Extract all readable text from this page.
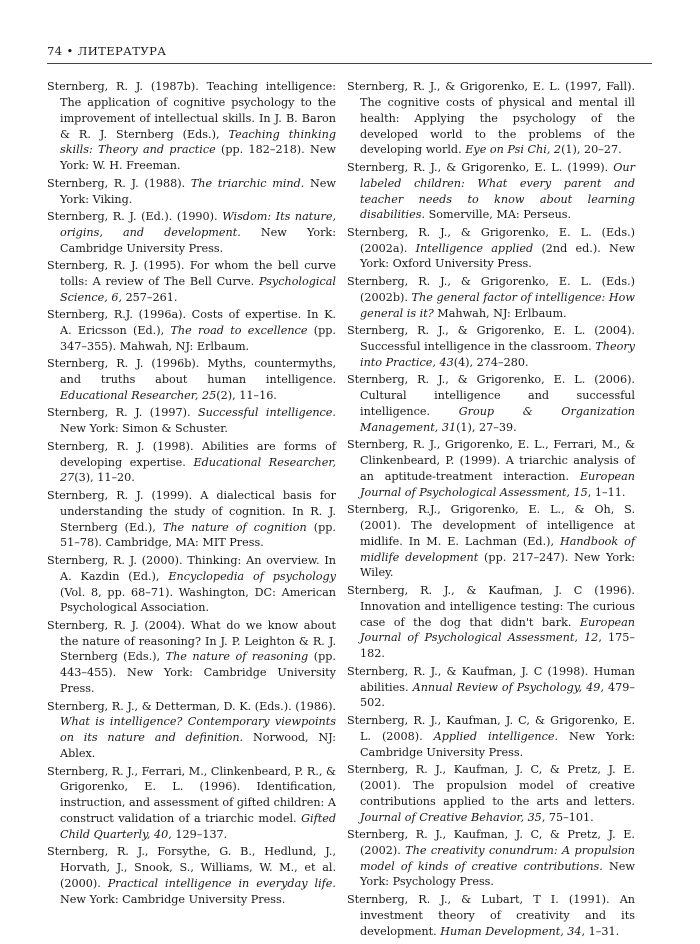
74 • ЛИТЕРАТУРА

Sternberg, R. J. (1987b). Teaching intelligence: The application of cognitive psychology to the improvement of intellectual skills. In J. B. Baron & R. J. Sternberg (Eds.), Teaching thinking skills: Theory and practice (pp. 182–218). New York: W. H. Freeman.

Sternberg, R. J. (1988). The triarchic mind. New York: Viking.

Sternberg, R. J. (Ed.). (1990). Wisdom: Its nature, origins, and development. New York: Cambridge University Press.

Sternberg, R. J. (1995). For whom the bell curve tolls: A review of The Bell Curve. Psychological Science, 6, 257–261.

Sternberg, R.J. (1996a). Costs of expertise. In K. A. Ericsson (Ed.), The road to excellence (pp. 347–355). Mahwah, NJ: Erlbaum.

Sternberg, R. J. (1996b). Myths, countermyths, and truths about human intelligence. Educational Researcher, 25(2), 11–16.

Sternberg, R. J. (1997). Successful intelligence. New York: Simon & Schuster.

Sternberg, R. J. (1998). Abilities are forms of developing expertise. Educational Researcher, 27(3), 11–20.

Sternberg, R. J. (1999). A dialectical basis for understanding the study of cognition. In R. J. Sternberg (Ed.), The nature of cognition (pp. 51–78). Cambridge, MA: MIT Press.

Sternberg, R. J. (2000). Thinking: An overview. In A. Kazdin (Ed.), Encyclopedia of psychology (Vol. 8, pp. 68–71). Washington, DC: American Psychological Association.

Sternberg, R. J. (2004). What do we know about the nature of reasoning? In J. P. Leighton & R. J. Sternberg (Eds.), The nature of reasoning (pp. 443–455). New York: Cambridge University Press.

Sternberg, R. J., & Detterman, D. K. (Eds.). (1986). What is intelligence? Contemporary viewpoints on its nature and definition. Norwood, NJ: Ablex.

Sternberg, R. J., Ferrari, M., Clinkenbeard, P. R., & Grigorenko, E. L. (1996). Identification, instruction, and assessment of gifted children: A construct validation of a triarchic model. Gifted Child Quarterly, 40, 129–137.

Sternberg, R. J., Forsythe, G. B., Hedlund, J., Horvath, J., Snook, S., Williams, W. M., et al. (2000). Practical intelligence in everyday life. New York: Cambridge University Press.

Sternberg, R. J., & Grigorenko, E. L. (1997, Fall). The cognitive costs of physical and mental ill health: Applying the psychology of the developed world to the problems of the developing world. Eye on Psi Chi, 2(1), 20–27.

Sternberg, R. J., & Grigorenko, E. L. (1999). Our labeled children: What every parent and teacher needs to know about learning disabilities. Somerville, MA: Perseus.

Sternberg, R. J., & Grigorenko, E. L. (Eds.) (2002a). Intelligence applied (2nd ed.). New York: Oxford University Press.

Sternberg, R. J., & Grigorenko, E. L. (Eds.) (2002b). The general factor of intelligence: How general is it? Mahwah, NJ: Erlbaum.

Sternberg, R. J., & Grigorenko, E. L. (2004). Successful intelligence in the classroom. Theory into Practice, 43(4), 274–280.

Sternberg, R. J., & Grigorenko, E. L. (2006). Cultural intelligence and successful intelligence. Group & Organization Management, 31(1), 27–39.

Sternberg, R. J., Grigorenko, E. L., Ferrari, M., & Clinkenbeard, P. (1999). A triarchic analysis of an aptitude-treatment interaction. European Journal of Psychological Assessment, 15, 1–11.

Sternberg, R.J., Grigorenko, E. L., & Oh, S. (2001). The development of intelligence at midlife. In M. E. Lachman (Ed.), Handbook of midlife development (pp. 217–247). New York: Wiley.

Sternberg, R. J., & Kaufman, J. C (1996). Innovation and intelligence testing: The curious case of the dog that didn't bark. European Journal of Psychological Assessment, 12, 175–182.

Sternberg, R. J., & Kaufman, J. C (1998). Human abilities. Annual Review of Psychology, 49, 479–502.

Sternberg, R. J., Kaufman, J. C, & Grigorenko, E. L. (2008). Applied intelligence. New York: Cambridge University Press.

Sternberg, R. J., Kaufman, J. C, & Pretz, J. E. (2001). The propulsion model of creative contributions applied to the arts and letters. Journal of Creative Behavior, 35, 75–101.

Sternberg, R. J., Kaufman, J. C, & Pretz, J. E. (2002). The creativity conundrum: A propulsion model of kinds of creative contributions. New York: Psychology Press.

Sternberg, R. J., & Lubart, T I. (1991). An investment theory of creativity and its development. Human Development, 34, 1–31.
